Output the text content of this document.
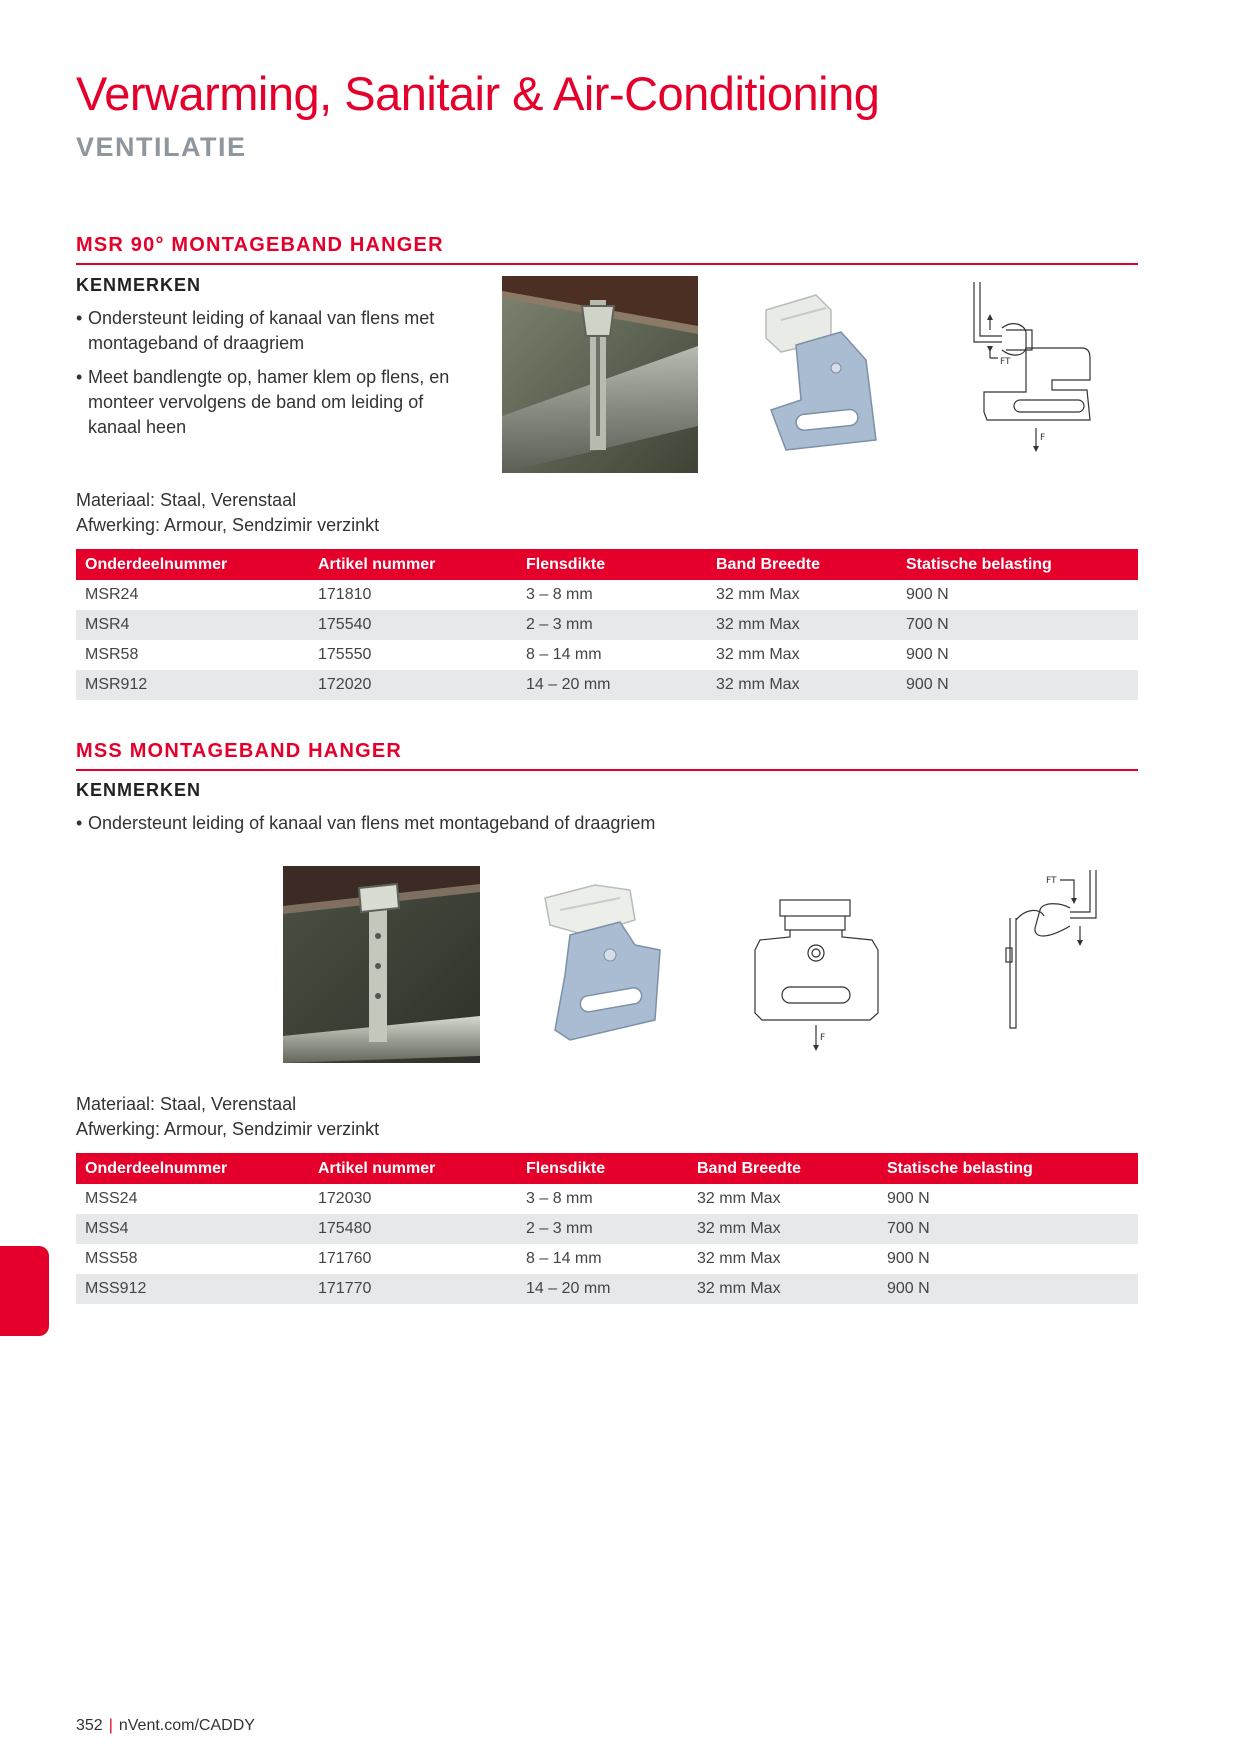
Verwarming, Sanitair & Air-Conditioning
VENTILATIE
MSR 90° MONTAGEBAND HANGER
KENMERKEN
• Ondersteunt leiding of kanaal van flens met montageband of draagriem
• Meet bandlengte op, hamer klem op flens, en monteer vervolgens de band om leiding of kanaal heen
FT
F
Materiaal: Staal, Verenstaal
Afwerking: Armour, Sendzimir verzinkt
Onderdeelnummer	Artikel nummer	Flensdikte	Band Breedte	Statische belasting
MSR24	171810	3 – 8 mm	32 mm Max	900 N
MSR4	175540	2 – 3 mm	32 mm Max	700 N
MSR58	175550	8 – 14 mm	32 mm Max	900 N
MSR912	172020	14 – 20 mm	32 mm Max	900 N
MSS MONTAGEBAND HANGER
KENMERKEN
• Ondersteunt leiding of kanaal van flens met montageband of draagriem
F
FT
Materiaal: Staal, Verenstaal
Afwerking: Armour, Sendzimir verzinkt
Onderdeelnummer	Artikel nummer	Flensdikte	Band Breedte	Statische belasting
MSS24	172030	3 – 8 mm	32 mm Max	900 N
MSS4	175480	2 – 3 mm	32 mm Max	700 N
MSS58	171760	8 – 14 mm	32 mm Max	900 N
MSS912	171770	14 – 20 mm	32 mm Max	900 N
352 | nVent.com/CADDY
